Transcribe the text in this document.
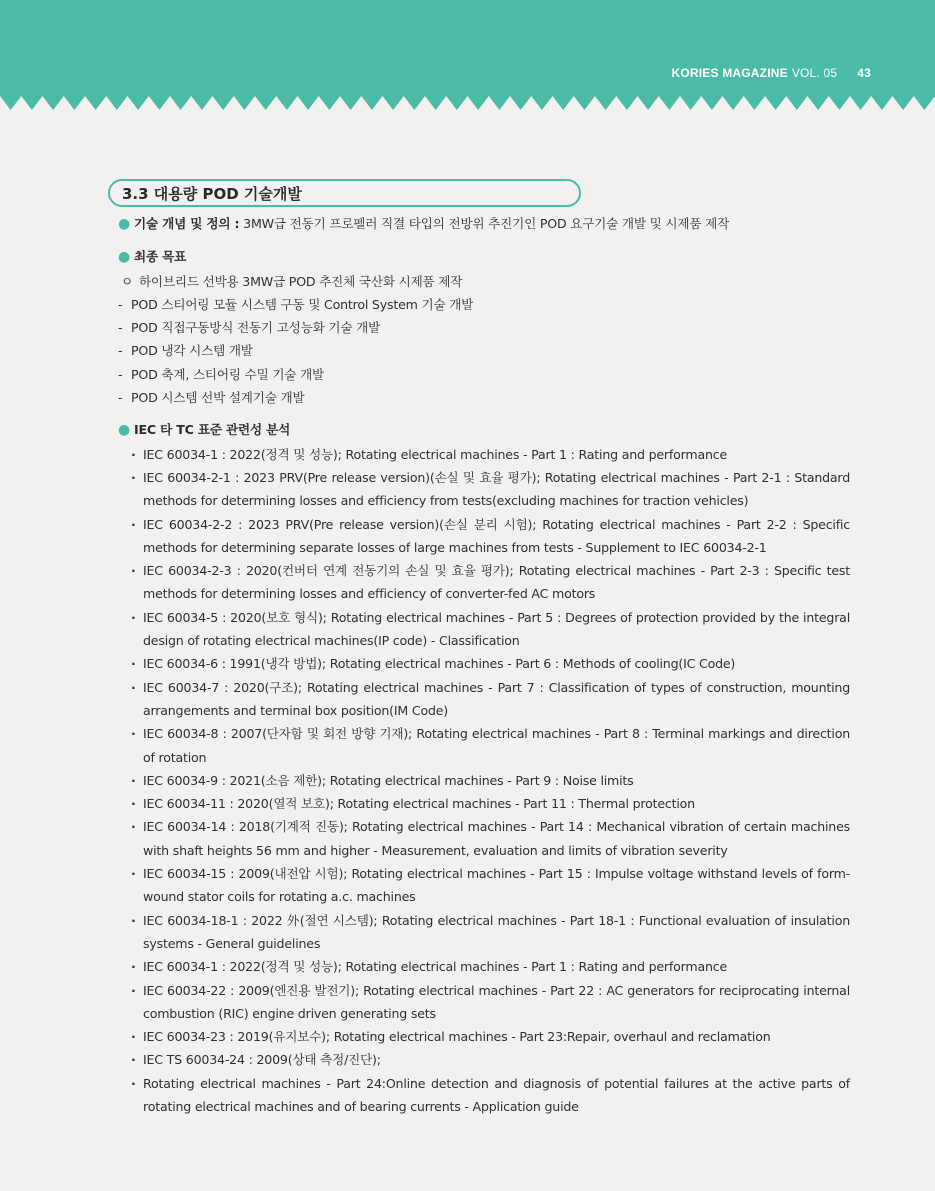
KORIES MAGAZINE VOL. 05 43
3.3 대용량 POD 기술개발
● 기술 개념 및 정의 : 3MW급 전동기 프로펠러 직결 타입의 전방위 추진기인 POD 요구기술 개발 및 시제품 제작
● 최종 목표
ㅇ 하이브리드 선박용 3MW급 POD 추진체 국산화 시제품 제작
- POD 스티어링 모듈 시스템 구동 및 Control System 기술 개발
- POD 직접구동방식 전동기 고성능화 기술 개발
- POD 냉각 시스템 개발
- POD 축계, 스티어링 수밀 기술 개발
- POD 시스템 선박 설계기술 개발
● IEC 타 TC 표준 관련성 분석
· IEC 60034-1 : 2022(정격 및 성능); Rotating electrical machines - Part 1 : Rating and performance
· IEC 60034-2-1 : 2023 PRV(Pre release version)(손실 및 효율 평가); Rotating electrical machines - Part 2-1 : Standard methods for determining losses and efficiency from tests(excluding machines for traction vehicles)
· IEC 60034-2-2 : 2023 PRV(Pre release version)(손실 분리 시험); Rotating electrical machines - Part 2-2 : Specific methods for determining separate losses of large machines from tests - Supplement to IEC 60034-2-1
· IEC 60034-2-3 : 2020(컨버터 연계 전동기의 손실 및 효율 평가); Rotating electrical machines - Part 2-3 : Specific test methods for determining losses and efficiency of converter-fed AC motors
· IEC 60034-5 : 2020(보호 형식); Rotating electrical machines - Part 5 : Degrees of protection provided by the integral design of rotating electrical machines(IP code) - Classification
· IEC 60034-6 : 1991(냉각 방법); Rotating electrical machines - Part 6 : Methods of cooling(IC Code)
· IEC 60034-7 : 2020(구조); Rotating electrical machines - Part 7 : Classification of types of construction, mounting arrangements and terminal box position(IM Code)
· IEC 60034-8 : 2007(단자함 및 회전 방향 기재); Rotating electrical machines - Part 8 : Terminal markings and direction of rotation
· IEC 60034-9 : 2021(소음 제한); Rotating electrical machines - Part 9 : Noise limits
· IEC 60034-11 : 2020(열적 보호); Rotating electrical machines - Part 11 : Thermal protection
· IEC 60034-14 : 2018(기계적 진동); Rotating electrical machines - Part 14 : Mechanical vibration of certain machines with shaft heights 56 mm and higher - Measurement, evaluation and limits of vibration severity
· IEC 60034-15 : 2009(내전압 시험); Rotating electrical machines - Part 15 : Impulse voltage withstand levels of form-wound stator coils for rotating a.c. machines
· IEC 60034-18-1 : 2022 外(절연 시스템); Rotating electrical machines - Part 18-1 : Functional evaluation of insulation systems - General guidelines
· IEC 60034-1 : 2022(정격 및 성능); Rotating electrical machines - Part 1 : Rating and performance
· IEC 60034-22 : 2009(엔진용 발전기); Rotating electrical machines - Part 22 : AC generators for reciprocating internal combustion (RIC) engine driven generating sets
· IEC 60034-23 : 2019(유지보수); Rotating electrical machines - Part 23:Repair, overhaul and reclamation
· IEC TS 60034-24 : 2009(상태 측정/진단);
· Rotating electrical machines - Part 24:Online detection and diagnosis of potential failures at the active parts of rotating electrical machines and of bearing currents - Application guide
